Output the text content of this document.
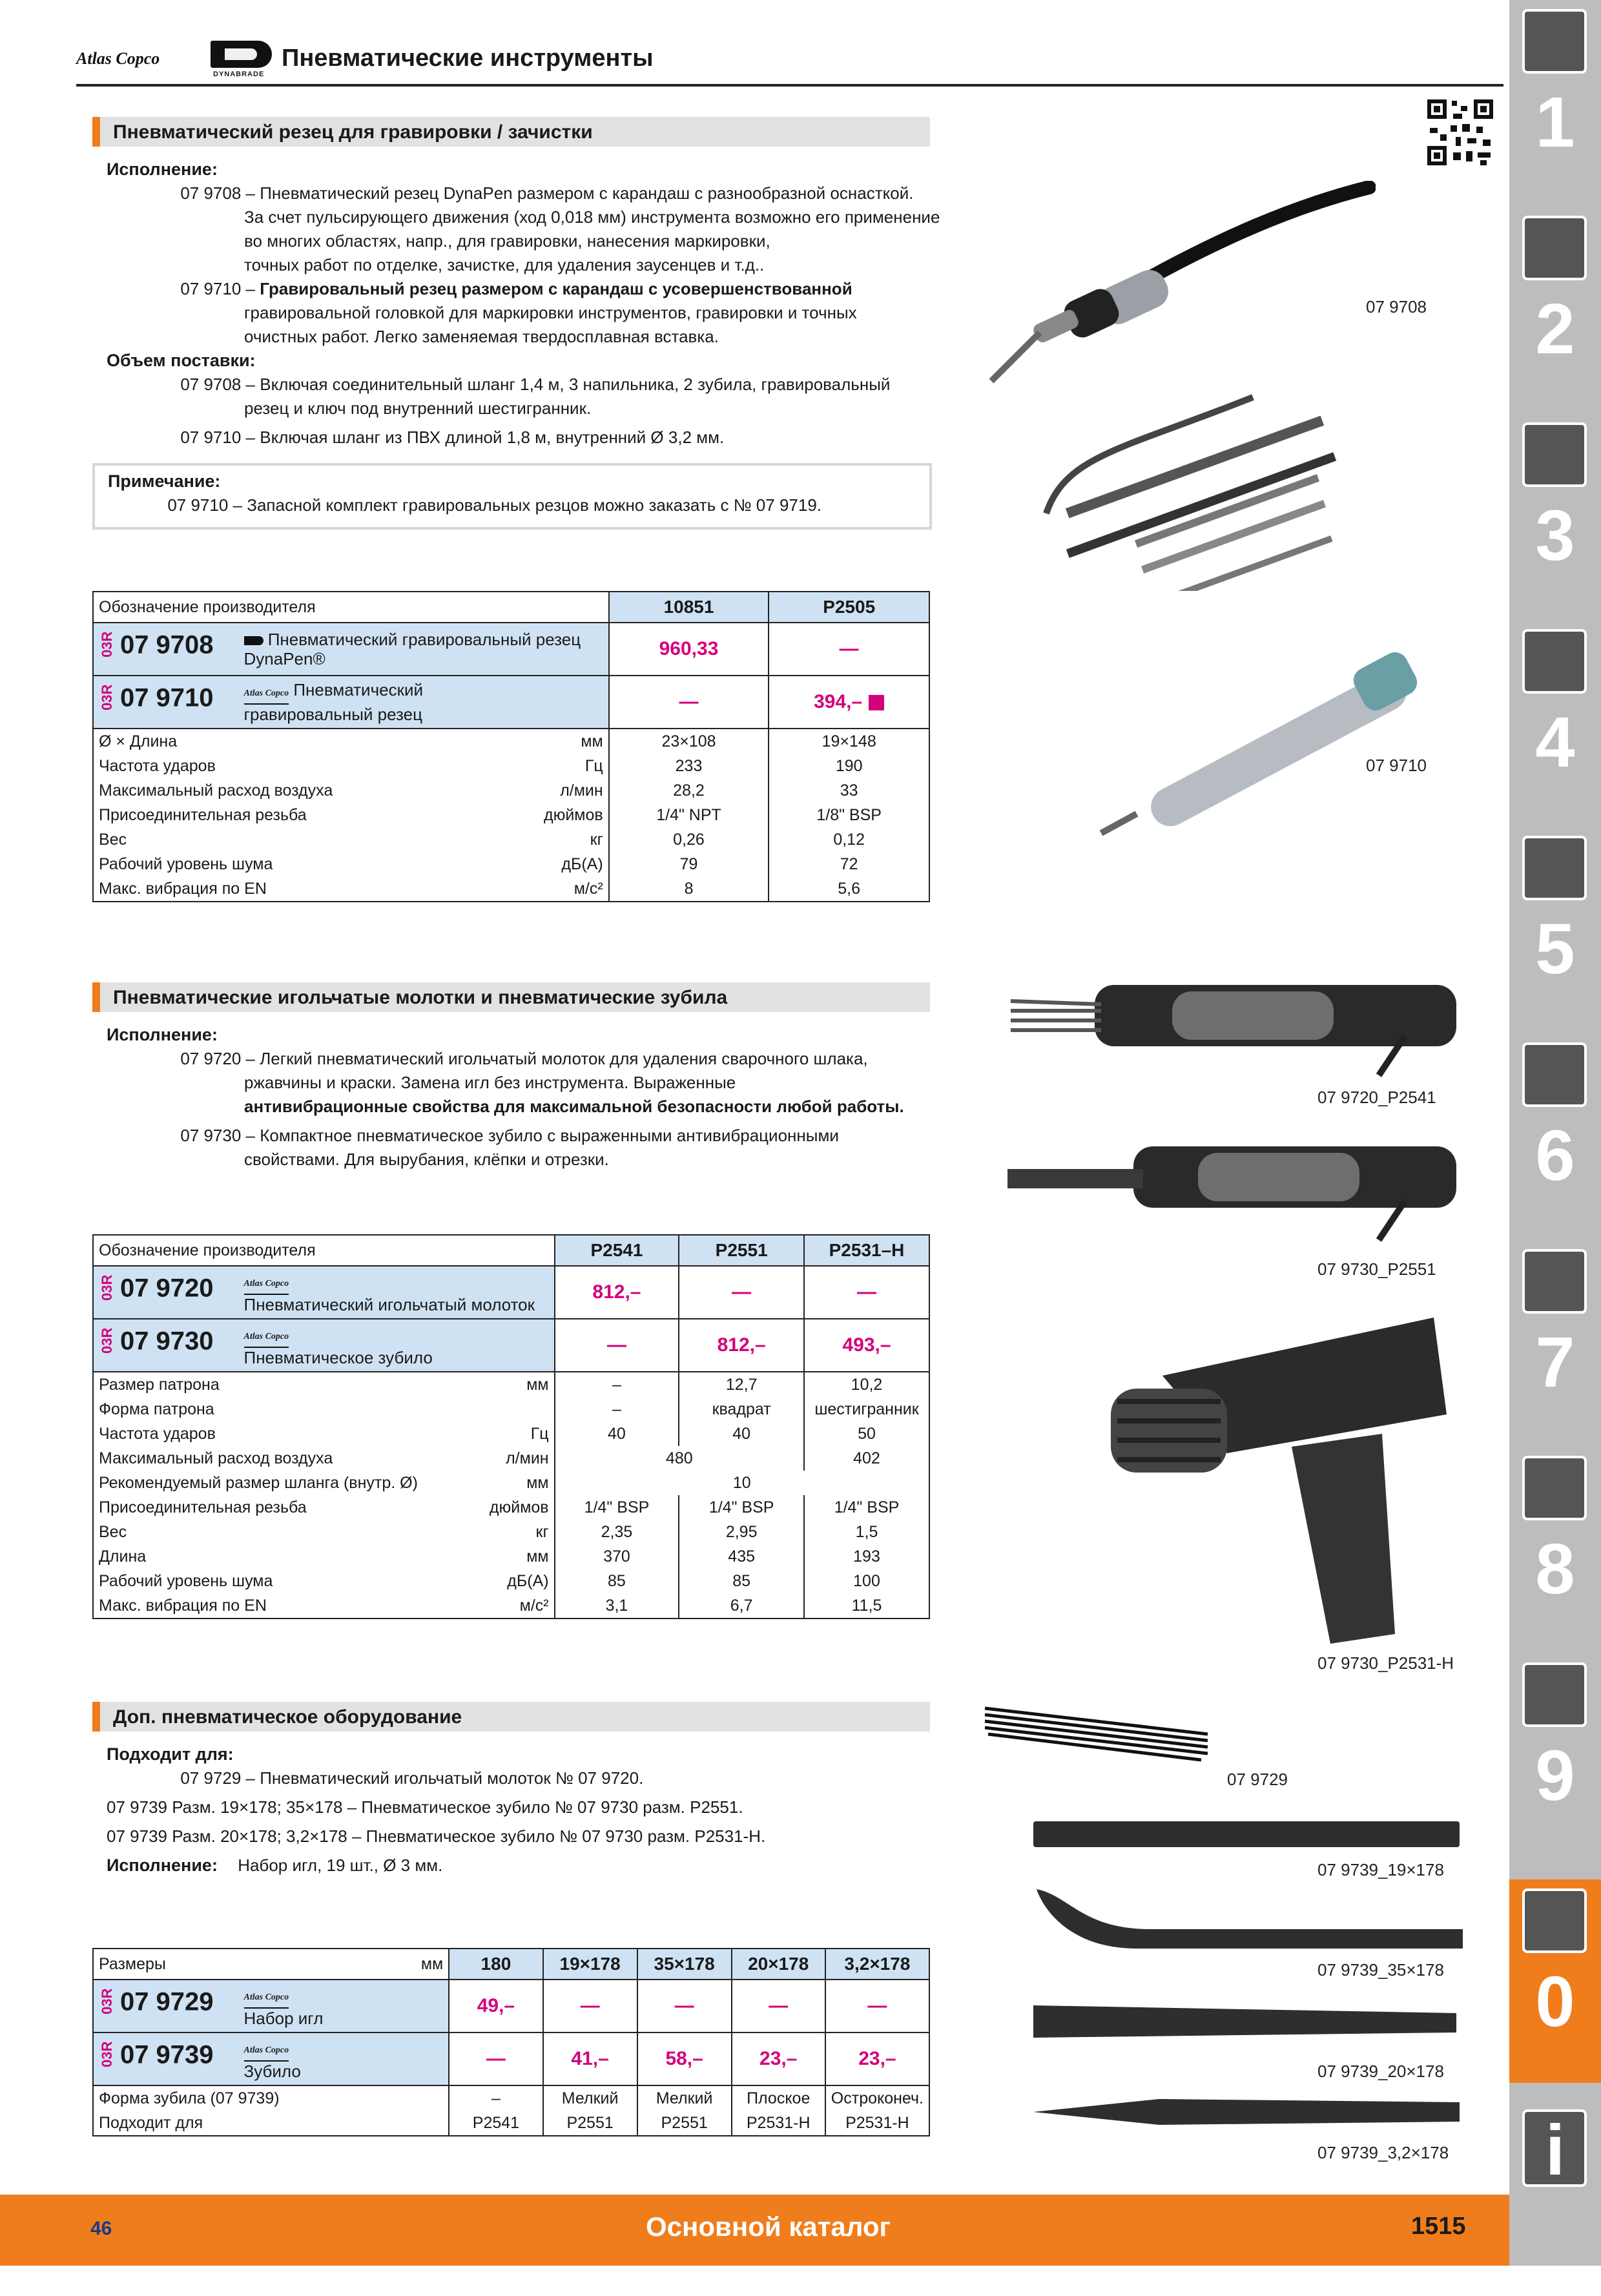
Atlas Copco
DYNABRADE
Пневматические инструменты
Пневматический резец для гравировки / зачистки
Исполнение:
07 9708 – Пневматический резец DynaPen размером с карандаш с разнообразной оснасткой.
За счет пульсирующего движения (ход 0,018 мм) инструмента возможно его применение
во многих областях, напр., для гравировки, нанесения маркировки,
точных работ по отделке, зачистке, для удаления заусенцев и т.д..
07 9710 – Гравировальный резец размером с карандаш с усовершенствованной
гравировальной головкой для маркировки инструментов, гравировки и точных
очистных работ. Легко заменяемая твердосплавная вставка.
Объем поставки:
07 9708 – Включая соединительный шланг 1,4 м, 3 напильника, 2 зубила, гравировальный
резец и ключ под внутренний шестигранник.
07 9710 – Включая шланг из ПВХ длиной 1,8 м, внутренний Ø 3,2 мм.
Примечание:
07 9710 – Запасной комплект гравировальных резцов можно заказать с № 07 9719.
Обозначение производителя	10851	P2505
03R 07 9708 Пневматический гравировальный резец
DynaPen®	960,33	—
03R 07 9710 Atlas Copco Пневматический
гравировальный резец	—	394,–
Ø × Длина мм	23×108	19×148
Частота ударов Гц	233	190
Максимальный расход воздуха л/мин	28,2	33
Присоединительная резьба дюймов	1/4" NPT	1/8" BSP
Вес кг	0,26	0,12
Рабочий уровень шума дБ(A)	79	72
Макс. вибрация по EN м/с²	8	5,6
Пневматические игольчатые молотки и пневматические зубила
Исполнение:
07 9720 – Легкий пневматический игольчатый молоток для удаления сварочного шлака,
ржавчины и краски. Замена игл без инструмента. Выраженные
антивибрационные свойства для максимальной безопасности любой работы.
07 9730 – Компактное пневматическое зубило с выраженными антивибрационными
свойствами. Для вырубания, клёпки и отрезки.
Обозначение производителя	P2541	P2551	P2531–H
03R 07 9720 Atlas Copco
Пневматический игольчатый молоток	812,–	—	—
03R 07 9730 Atlas Copco
Пневматическое зубило	—	812,–	493,–
Размер патрона мм	–	12,7	10,2
Форма патрона	–	квадрат	шестигранник
Частота ударов Гц	40	40	50
Максимальный расход воздуха л/мин	480		402
Рекомендуемый размер шланга (внутр. Ø) мм	10		
Присоединительная резьба дюймов	1/4" BSP	1/4" BSP	1/4" BSP
Вес кг	2,35	2,95	1,5
Длина мм	370	435	193
Рабочий уровень шума дБ(A)	85	85	100
Макс. вибрация по EN м/с²	3,1	6,7	11,5
Доп. пневматическое оборудование
Подходит для:
07 9729 – Пневматический игольчатый молоток № 07 9720.
07 9739 Разм. 19×178; 35×178 – Пневматическое зубило № 07 9730 разм. P2551.
07 9739 Разм. 20×178; 3,2×178 – Пневматическое зубило № 07 9730 разм. P2531-H.
Исполнение: Набор игл, 19 шт., Ø 3 мм.
Размеры мм	180	19×178	35×178	20×178	3,2×178
03R 07 9729 Atlas Copco
Набор игл	49,–	—	—	—	—
03R 07 9739 Atlas Copco
Зубило	—	41,–	58,–	23,–	23,–
Форма зубила (07 9739)	–	Мелкий	Мелкий	Плоское	Остроконеч.
Подходит для	P2541	P2551	P2551	P2531-H	P2531-H
07 9708
07 9710
07 9720_P2541
07 9730_P2551
07 9730_P2531-H
07 9729
07 9739_19×178
07 9739_35×178
07 9739_20×178
07 9739_3,2×178
1
2
3
4
5
6
7
8
9
0
i
46	Основной каталог	1515
